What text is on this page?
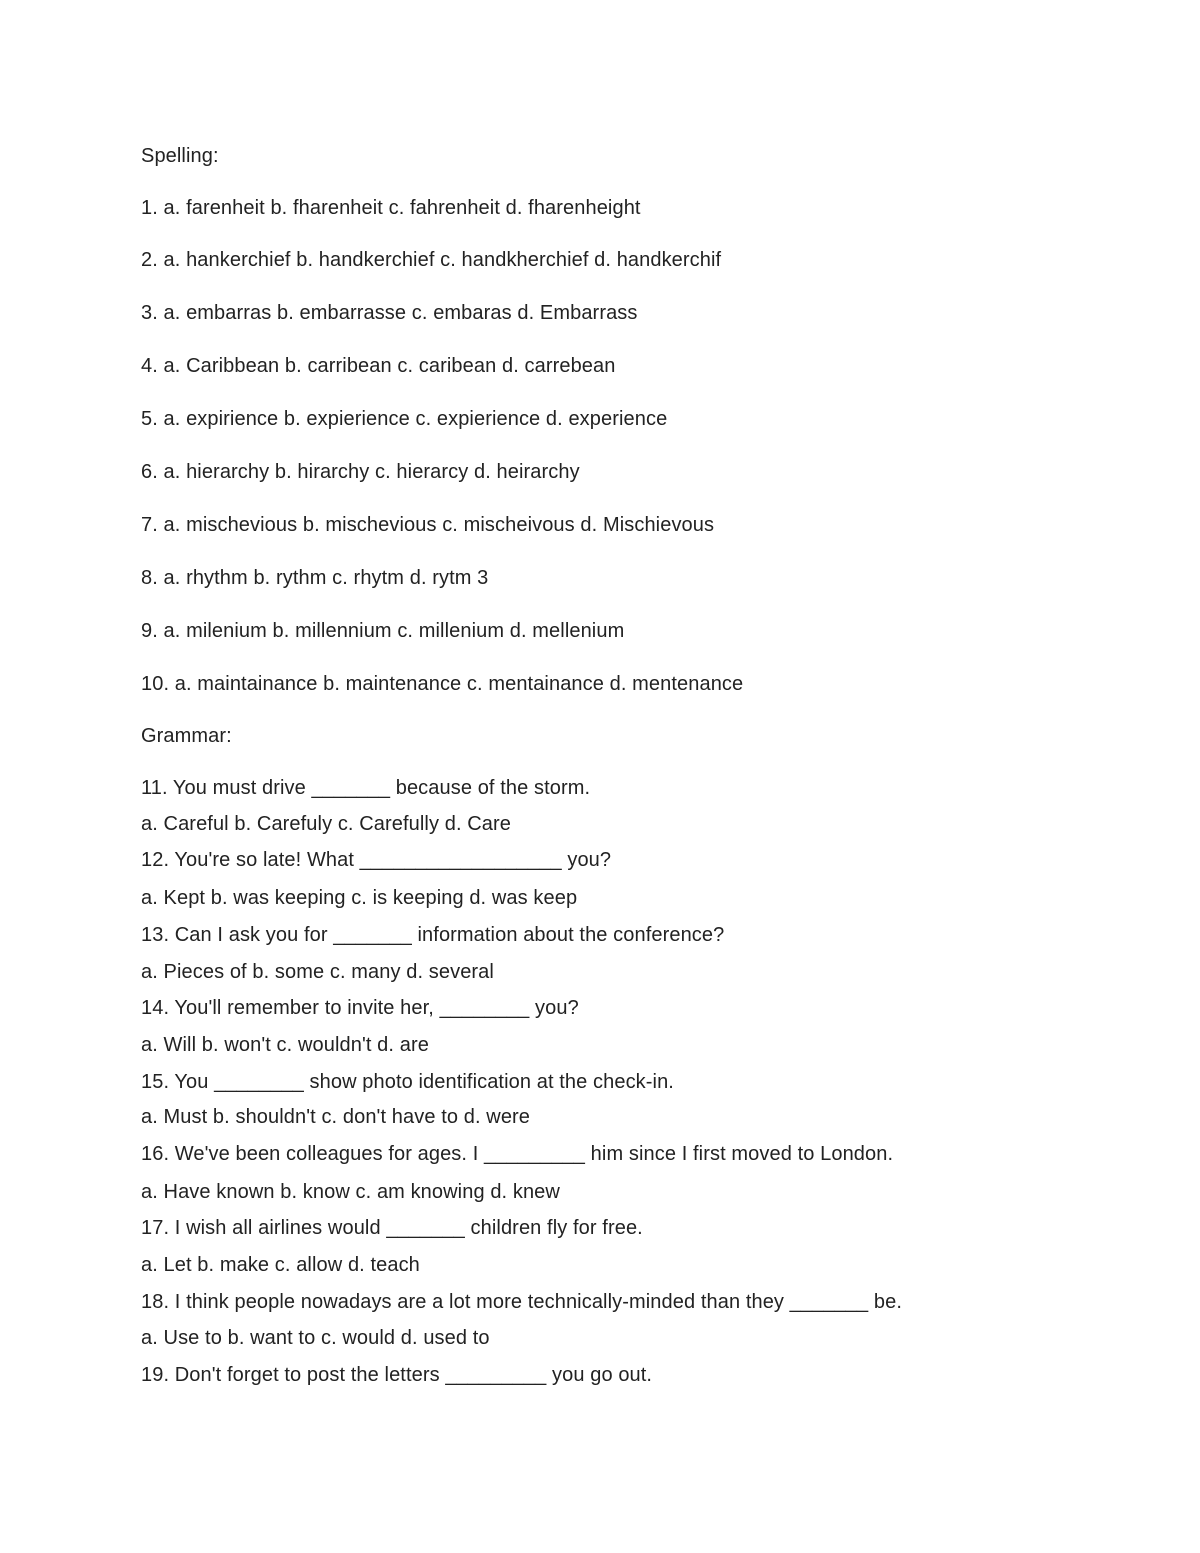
Spelling:
1. a. farenheit b. fharenheit c. fahrenheit d. fharenheight
2. a. hankerchief b. handkerchief c. handkherchief d. handkerchif
3. a. embarras b. embarrasse c. embaras d. Embarrass
4. a. Caribbean b. carribean c. caribean d. carrebean
5. a. expirience b. expierience c. expierience d. experience
6. a. hierarchy b. hirarchy c. hierarcy d. heirarchy
7. a. mischevious b. mischevious c. mischeivous d. Mischievous
8. a. rhythm b. rythm c. rhytm d. rytm 3
9. a. milenium b. millennium c. millenium d. mellenium
10. a. maintainance b. maintenance c. mentainance d. mentenance
Grammar:
11. You must drive _______ because of the storm.
a. Careful b. Carefuly c. Carefully d. Care
12. You're so late! What __________________ you?
a. Kept b. was keeping c. is keeping d. was keep
13. Can I ask you for _______ information about the conference?
a. Pieces of b. some c. many d. several
14. You'll remember to invite her, ________ you?
a. Will b. won't c. wouldn't d. are
15. You ________ show photo identification at the check-in.
a. Must b. shouldn't c. don't have to d. were
16. We've been colleagues for ages. I _________ him since I first moved to London.
a. Have known b. know c. am knowing d. knew
17. I wish all airlines would _______ children fly for free.
a. Let b. make c. allow d. teach
18. I think people nowadays are a lot more technically-minded than they _______ be.
a. Use to b. want to c. would d. used to
19. Don't forget to post the letters _________ you go out.
